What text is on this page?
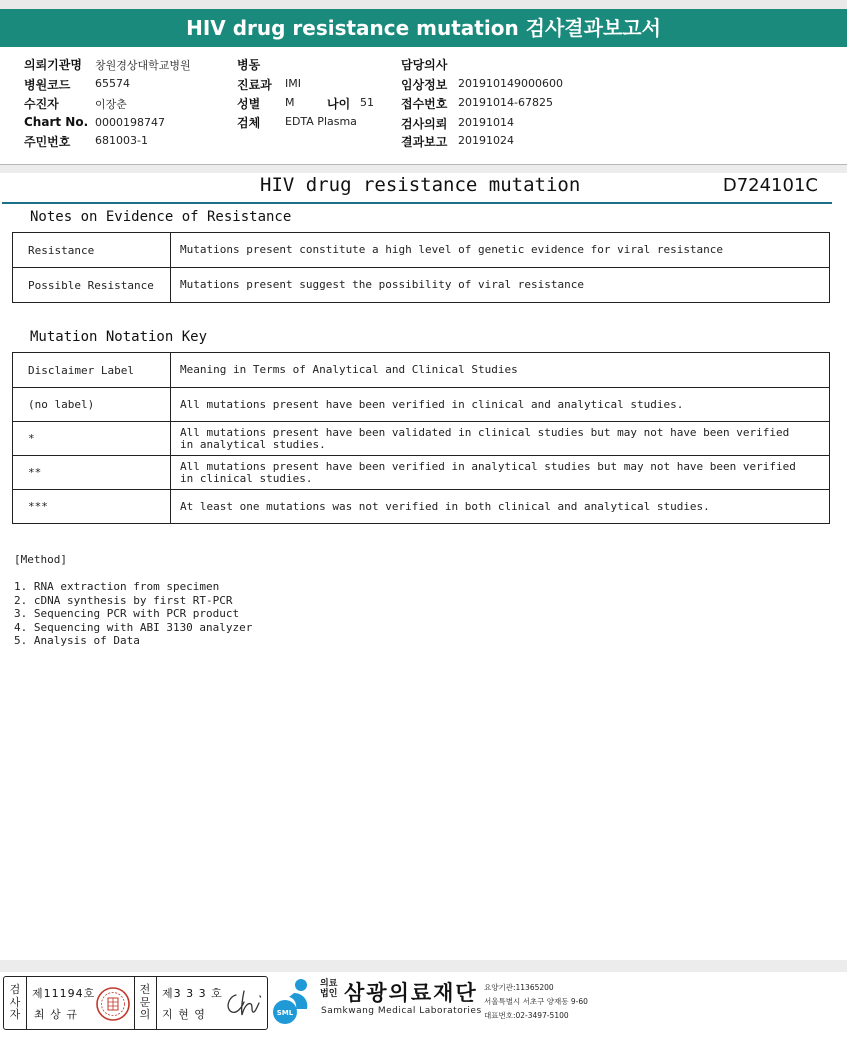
HIV drug resistance mutation 검사결과보고서
의뢰기관명 창원경상대학교병원
병원코드 65574
수진자	이장춘
Chart No. 0000198747
주민번호 681003-1
병동
진료과 IMI
성별 M	나이 51
검체 EDTA Plasma
담당의사
임상정보 201910149000600
접수번호 20191014-67825
검사의뢰 20191014
결과보고 20191024
HIV drug resistance mutation	D724101C
Notes on Evidence of Resistance
Resistance	Mutations present constitute a high level of genetic evidence for viral resistance
Possible Resistance	Mutations present suggest the possibility of viral resistance
Mutation Notation Key
Disclaimer Label	Meaning in Terms of Analytical and Clinical Studies
(no label)	All mutations present have been verified in clinical and analytical studies.

*	All mutations present have been validated in clinical studies but may not have been verified
in analytical studies.

**	All mutations present have been verified in analytical studies but may not have been verified
in clinical studies.

***	At least one mutations was not verified in both clinical and analytical studies.
[Method]
1. RNA extraction from specimen
2. cDNA synthesis by first RT-PCR
3. Sequencing PCR with PCR product
4. Sequencing with ABI 3130 analyzer
5. Analysis of Data
검
사
자
제11194호
최 상 규
전
문
의
제3 3 3 호
지 현 영	SML
의료법인 삼광의료재단
Samkwang Medical Laboratories
요양기관:11365200
서울특별시 서초구 양재동 9-60
대표번호:02-3497-5100
